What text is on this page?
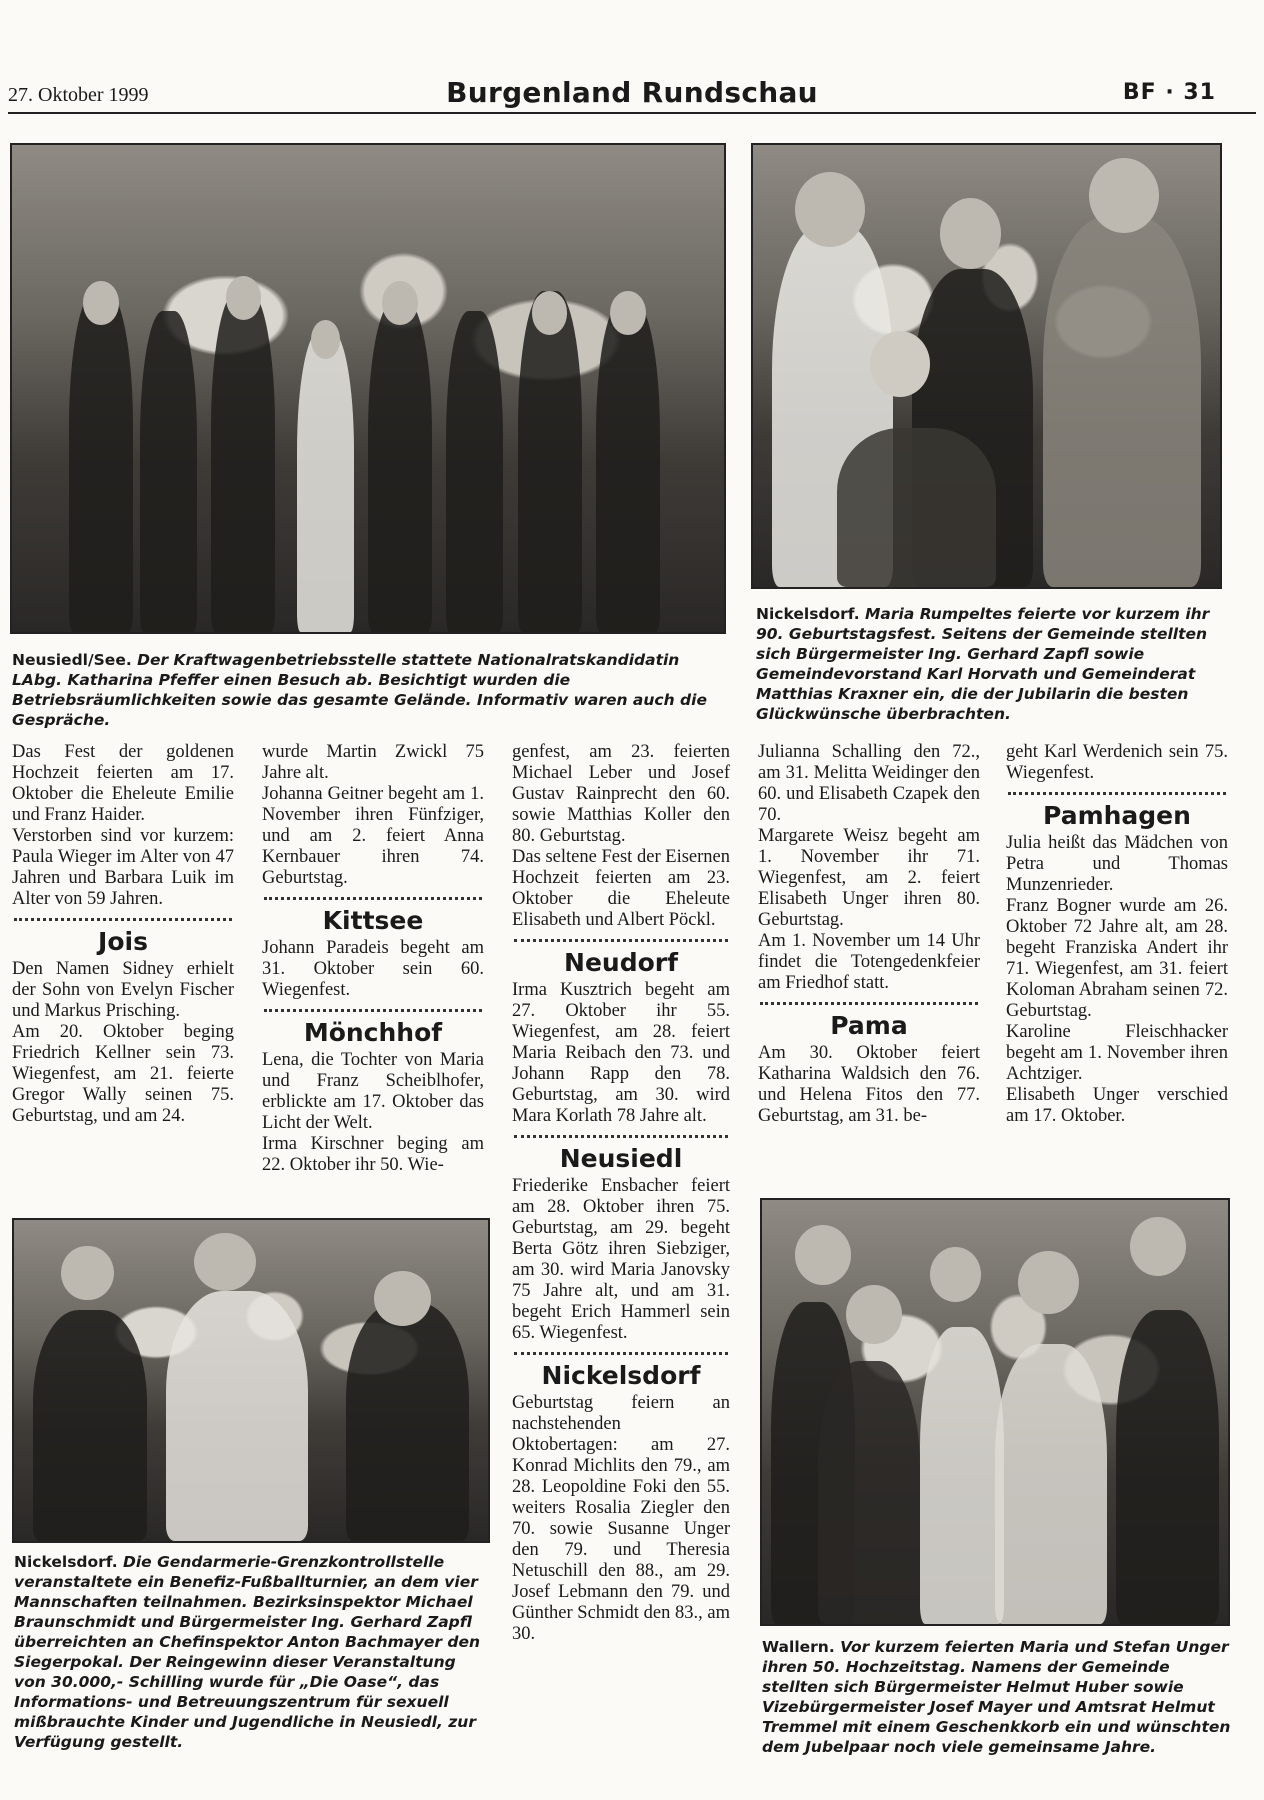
27. Oktober 1999	Burgenland Rundschau	BF · 31
Neusiedl/See. Der Kraftwagenbetriebsstelle stattete Nationalratskandidatin LAbg. Katharina Pfeffer einen Besuch ab. Besichtigt wurden die Betriebsräumlichkeiten sowie das gesamte Gelände. Informativ waren auch die Gespräche.
Nickelsdorf. Maria Rumpeltes feierte vor kurzem ihr 90. Geburtstagsfest. Seitens der Gemeinde stellten sich Bürgermeister Ing. Gerhard Zapfl sowie Gemeindevorstand Karl Horvath und Gemeinderat Matthias Kraxner ein, die der Jubilarin die besten Glückwünsche überbrachten.

Das Fest der goldenen Hochzeit feierten am 17. Oktober die Eheleute Emilie und Franz Haider.

Verstorben sind vor kurzem: Paula Wieger im Alter von 47 Jahren und Barbara Luik im Alter von 59 Jahren.

Jois

Den Namen Sidney erhielt der Sohn von Evelyn Fischer und Markus Prisching.

Am 20. Oktober beging Friedrich Kellner sein 73. Wiegenfest, am 21. feierte Gregor Wally seinen 75. Geburtstag, und am 24.

wurde Martin Zwickl 75 Jahre alt.

Johanna Geitner begeht am 1. November ihren Fünfziger, und am 2. feiert Anna Kernbauer ihren 74. Geburtstag.

Kittsee

Johann Paradeis begeht am 31. Oktober sein 60. Wiegenfest.

Mönchhof

Lena, die Tochter von Maria und Franz Scheiblhofer, erblickte am 17. Oktober das Licht der Welt.

Irma Kirschner beging am 22. Oktober ihr 50. Wie-

Nickelsdorf. Die Gendarmerie-Grenzkontrollstelle veranstaltete ein Benefiz-Fußballturnier, an dem vier Mannschaften teilnahmen. Bezirksinspektor Michael Braunschmidt und Bürgermeister Ing. Gerhard Zapfl überreichten an Chefinspektor Anton Bachmayer den Siegerpokal. Der Reingewinn dieser Veranstaltung von 30.000,- Schilling wurde für „Die Oase“, das Informations- und Betreuungszentrum für sexuell mißbrauchte Kinder und Jugendliche in Neusiedl, zur Verfügung gestellt.

genfest, am 23. feierten Michael Leber und Josef Gustav Rainprecht den 60. sowie Matthias Koller den 80. Geburtstag.

Das seltene Fest der Eisernen Hochzeit feierten am 23. Oktober die Eheleute Elisabeth und Albert Pöckl.

Neudorf

Irma Kusztrich begeht am 27. Oktober ihr 55. Wiegenfest, am 28. feiert Maria Reibach den 73. und Johann Rapp den 78. Geburtstag, am 30. wird Mara Korlath 78 Jahre alt.

Neusiedl

Friederike Ensbacher feiert am 28. Oktober ihren 75. Geburtstag, am 29. begeht Berta Götz ihren Siebziger, am 30. wird Maria Janovsky 75 Jahre alt, und am 31. begeht Erich Hammerl sein 65. Wiegenfest.

Nickelsdorf

Geburtstag feiern an nachstehenden Oktobertagen: am 27. Konrad Michlits den 79., am 28. Leopoldine Foki den 55. weiters Rosalia Ziegler den 70. sowie Susanne Unger den 79. und Theresia Netuschill den 88., am 29. Josef Lebmann den 79. und Günther Schmidt den 83., am 30.

Julianna Schalling den 72., am 31. Melitta Weidinger den 60. und Elisabeth Czapek den 70.

Margarete Weisz begeht am 1. November ihr 71. Wiegenfest, am 2. feiert Elisabeth Unger ihren 80. Geburtstag.

Am 1. November um 14 Uhr findet die Totengedenkfeier am Friedhof statt.

Pama

Am 30. Oktober feiert Katharina Waldsich den 76. und Helena Fitos den 77. Geburtstag, am 31. be-

geht Karl Werdenich sein 75. Wiegenfest.

Pamhagen

Julia heißt das Mädchen von Petra und Thomas Munzenrieder.

Franz Bogner wurde am 26. Oktober 72 Jahre alt, am 28. begeht Franziska Andert ihr 71. Wiegenfest, am 31. feiert Koloman Abraham seinen 72. Geburtstag.

Karoline Fleischhacker begeht am 1. November ihren Achtziger.

Elisabeth Unger verschied am 17. Oktober.

Wallern. Vor kurzem feierten Maria und Stefan Unger ihren 50. Hochzeitstag. Namens der Gemeinde stellten sich Bürgermeister Helmut Huber sowie Vizebürgermeister Josef Mayer und Amtsrat Helmut Tremmel mit einem Geschenkkorb ein und wünschten dem Jubelpaar noch viele gemeinsame Jahre.
